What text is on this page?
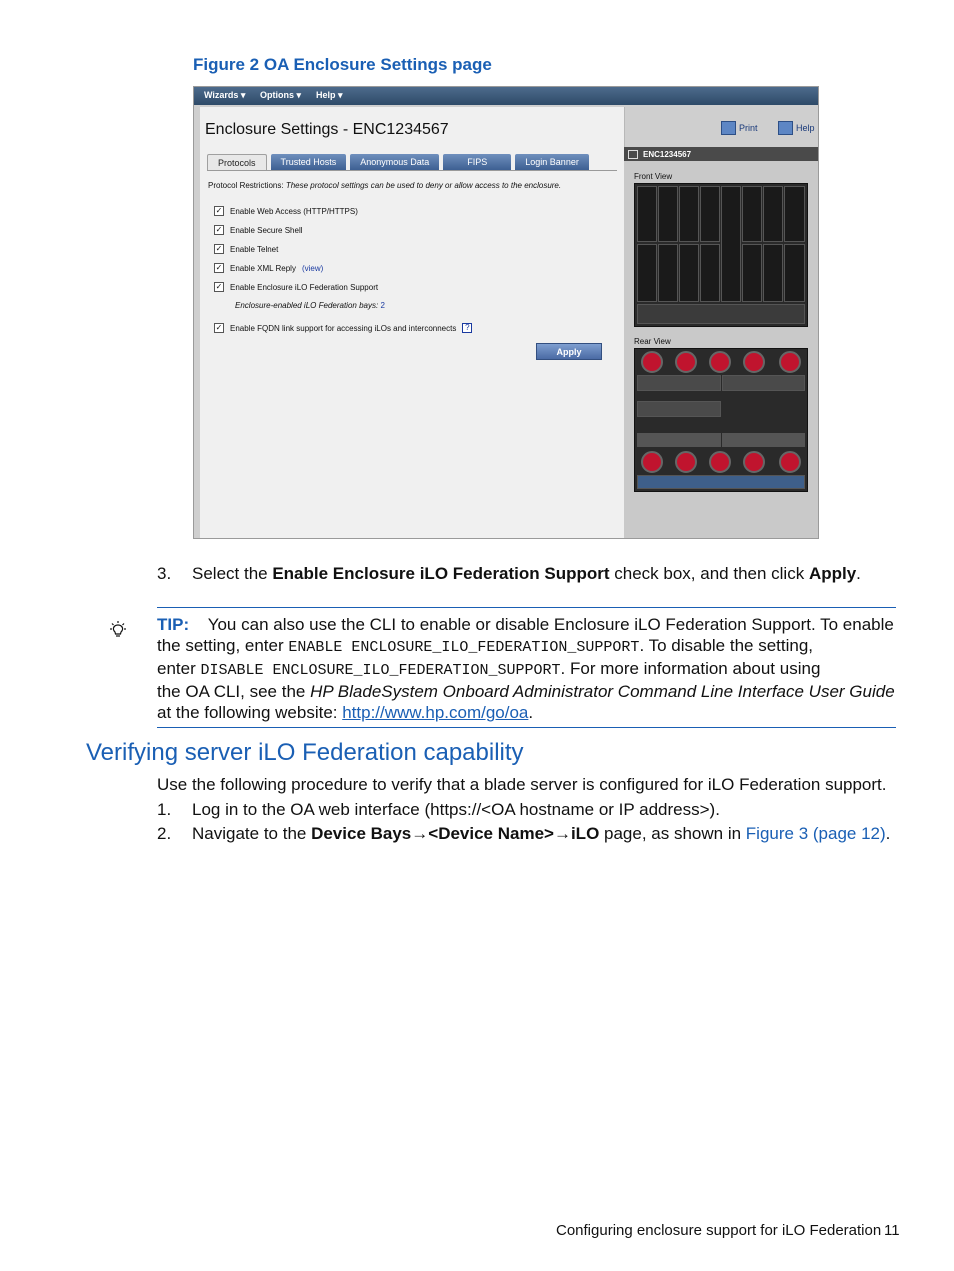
Figure 2 OA Enclosure Settings page
Wizards ▾ Options ▾ Help ▾
Enclosure Settings - ENC1234567	Print	Help
Protocols	Trusted Hosts	Anonymous Data	FIPS	Login Banner
Protocol Restrictions: These protocol settings can be used to deny or allow access to the enclosure.
✓ Enable Web Access (HTTP/HTTPS)
✓ Enable Secure Shell
✓ Enable Telnet
✓ Enable XML Reply (view)
✓ Enable Enclosure iLO Federation Support
Enclosure-enabled iLO Federation bays: 2
✓ Enable FQDN link support for accessing iLOs and interconnects	?
Apply
ENC1234567
Front View
Rear View
3. Select the Enable Enclosure iLO Federation Support check box, and then click Apply.
TIP: You can also use the CLI to enable or disable Enclosure iLO Federation Support. To enable
the setting, enter ENABLE ENCLOSURE_ILO_FEDERATION_SUPPORT. To disable the setting,
enter DISABLE ENCLOSURE_ILO_FEDERATION_SUPPORT. For more information about using
the OA CLI, see the HP BladeSystem Onboard Administrator Command Line Interface User Guide
at the following website: http://www.hp.com/go/oa.
Verifying server iLO Federation capability
Use the following procedure to verify that a blade server is configured for iLO Federation support.
1. Log in to the OA web interface (https://<OA hostname or IP address>).
2. Navigate to the Device Bays→<Device Name>→iLO page, as shown in Figure 3 (page 12).
Configuring enclosure support for iLO Federation 11
